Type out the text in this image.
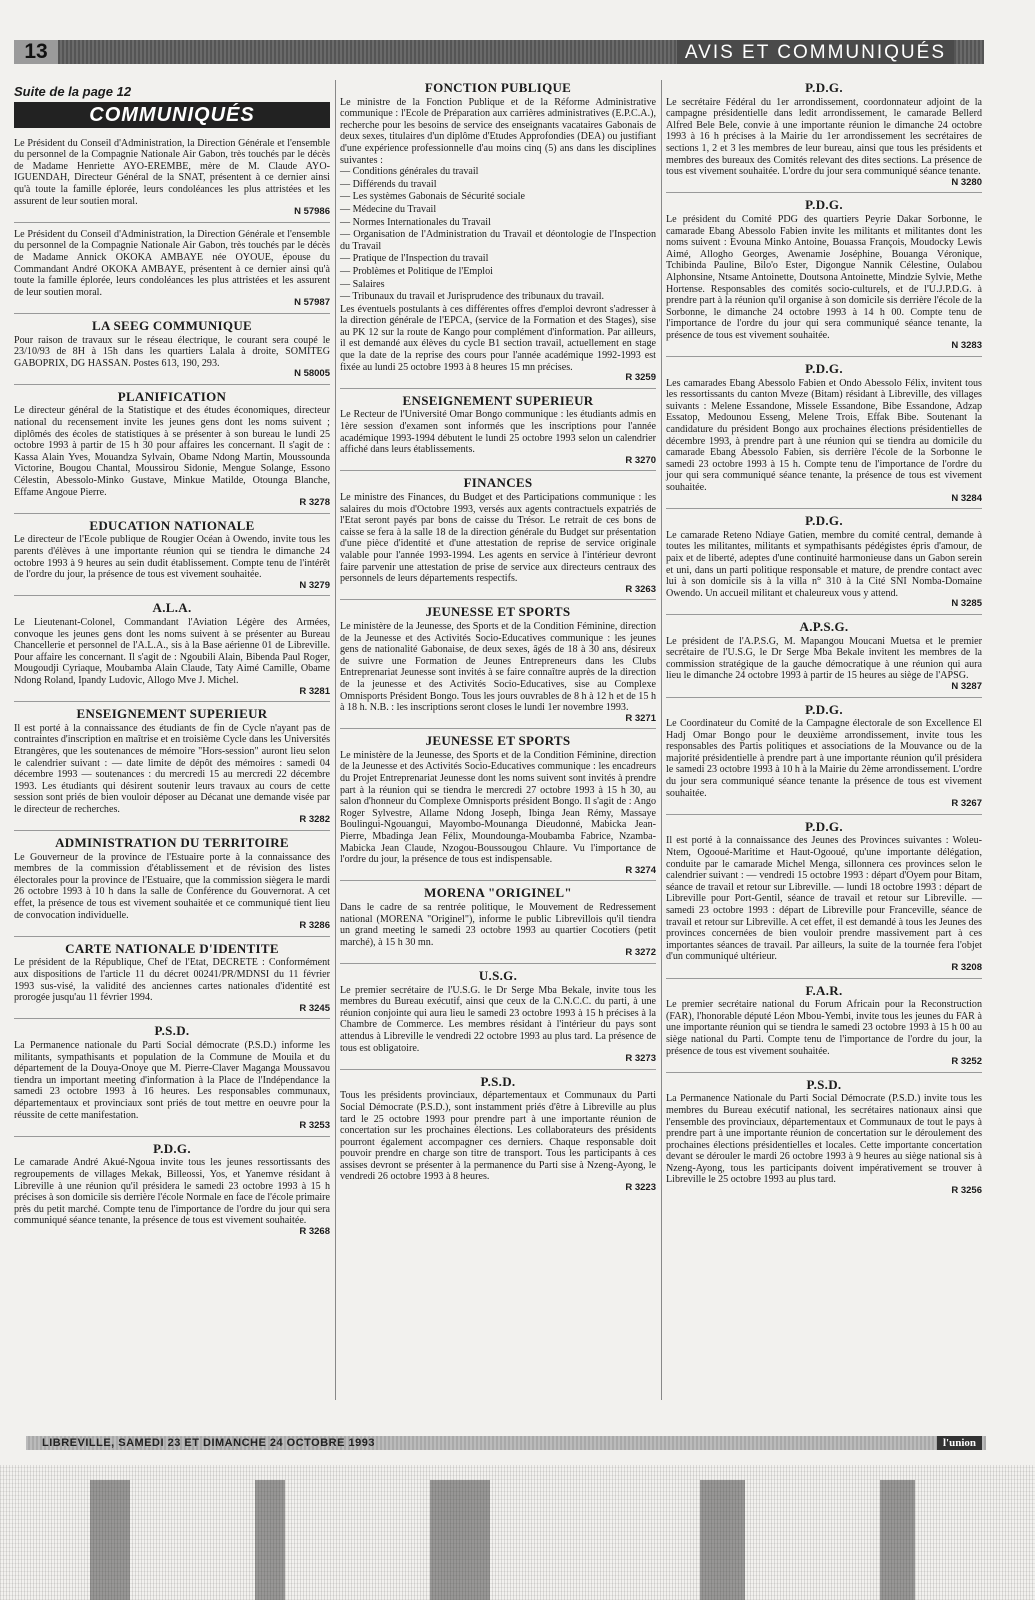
13	AVIS ET COMMUNIQUÉS
Suite de la page 12
COMMUNIQUÉS
Le Président du Conseil d'Administration, la Direction Générale et l'ensemble du personnel de la Compagnie Nationale Air Gabon, très touchés par le décès de Madame Henriette AYO-EREMBE, mère de M. Claude AYO-IGUENDAH, Directeur Général de la SNAT, présentent à ce dernier ainsi qu'à toute la famille éplorée, leurs condoléances les plus attristées et les assurent de leur soutien moral.
N 57986
Le Président du Conseil d'Administration, la Direction Générale et l'ensemble du personnel de la Compagnie Nationale Air Gabon, très touchés par le décès de Madame Annick OKOKA AMBAYE née OYOUE, épouse du Commandant André OKOKA AMBAYE, présentent à ce dernier ainsi qu'à toute la famille éplorée, leurs condoléances les plus attristées et les assurent de leur soutien moral.
N 57987
LA SEEG COMMUNIQUE
Pour raison de travaux sur le réseau électrique, le courant sera coupé le 23/10/93 de 8H à 15h dans les quartiers Lalala à droite, SOMITEG GABOPRIX, DG HASSAN. Postes 613, 190, 293.
N 58005
PLANIFICATION
Le directeur général de la Statistique et des études économiques, directeur national du recensement invite les jeunes gens dont les noms suivent ; diplômés des écoles de statistiques à se présenter à son bureau le lundi 25 octobre 1993 à partir de 15 h 30 pour affaires les concernant. Il s'agit de : Kassa Alain Yves, Mouandza Sylvain, Obame Ndong Martin, Moussounda Victorine, Bougou Chantal, Moussirou Sidonie, Mengue Solange, Essono Célestin, Abessolo-Minko Gustave, Minkue Matilde, Otounga Blanche, Effame Angoue Pierre.
R 3278
EDUCATION NATIONALE
Le directeur de l'Ecole publique de Rougier Océan à Owendo, invite tous les parents d'élèves à une importante réunion qui se tiendra le dimanche 24 octobre 1993 à 9 heures au sein dudit établissement. Compte tenu de l'intérêt de l'ordre du jour, la présence de tous est vivement souhaitée.
N 3279
A.L.A.
Le Lieutenant-Colonel, Commandant l'Aviation Légère des Armées, convoque les jeunes gens dont les noms suivent à se présenter au Bureau Chancellerie et personnel de l'A.L.A., sis à la Base aérienne 01 de Libreville. Pour affaire les concernant. Il s'agit de : Ngoubili Alain, Bibenda Paul Roger, Mougoudji Cyriaque, Moubamba Alain Claude, Taty Aimé Camille, Obame Ndong Roland, Ipandy Ludovic, Allogo Mve J. Michel.
R 3281
ENSEIGNEMENT SUPERIEUR
Il est porté à la connaissance des étudiants de fin de Cycle n'ayant pas de contraintes d'inscription en maîtrise et en troisième Cycle dans les Universités Etrangères, que les soutenances de mémoire "Hors-session" auront lieu selon le calendrier suivant : — date limite de dépôt des mémoires : samedi 04 décembre 1993 — soutenances : du mercredi 15 au mercredi 22 décembre 1993. Les étudiants qui désirent soutenir leurs travaux au cours de cette session sont priés de bien vouloir déposer au Décanat une demande visée par le directeur de recherches.
R 3282
ADMINISTRATION DU TERRITOIRE
Le Gouverneur de la province de l'Estuaire porte à la connaissance des membres de la commission d'établissement et de révision des listes électorales pour la province de l'Estuaire, que la commission siègera le mardi 26 octobre 1993 à 10 h dans la salle de Conférence du Gouvernorat. A cet effet, la présence de tous est vivement souhaitée et ce communiqué tient lieu de convocation individuelle.
R 3286
CARTE NATIONALE D'IDENTITE
Le président de la République, Chef de l'Etat, DECRETE : Conformément aux dispositions de l'article 11 du décret 00241/PR/MDNSI du 11 février 1993 sus-visé, la validité des anciennes cartes nationales d'identité est prorogée jusqu'au 11 février 1994.
R 3245
P.S.D.
La Permanence nationale du Parti Social démocrate (P.S.D.) informe les militants, sympathisants et population de la Commune de Mouila et du département de la Douya-Onoye que M. Pierre-Claver Maganga Moussavou tiendra un important meeting d'information à la Place de l'Indépendance la samedi 23 octobre 1993 à 16 heures. Les responsables communaux, départementaux et provinciaux sont priés de tout mettre en oeuvre pour la réussite de cette manifestation.
R 3253
P.D.G.
Le camarade André Akué-Ngoua invite tous les jeunes ressortissants des regroupements de villages Mekak, Billeossi, Yos, et Yanemve résidant à Libreville à une réunion qu'il présidera le samedi 23 octobre 1993 à 15 h précises à son domicile sis derrière l'école Normale en face de l'école primaire près du petit marché. Compte tenu de l'importance de l'ordre du jour qui sera communiqué séance tenante, la présence de tous est vivement souhaitée.
R 3268
FONCTION PUBLIQUE
Le ministre de la Fonction Publique et de la Réforme Administrative communique : l'Ecole de Préparation aux carrières administratives (E.P.C.A.), recherche pour les besoins de service des enseignants vacataires Gabonais de deux sexes, titulaires d'un diplôme d'Etudes Approfondies (DEA) ou justifiant d'une expérience professionnelle d'au moins cinq (5) ans dans les disciplines suivantes :
— Conditions générales du travail
— Différends du travail
— Les systèmes Gabonais de Sécurité sociale
— Médecine du Travail
— Normes Internationales du Travail
— Organisation de l'Administration du Travail et déontologie de l'Inspection du Travail
— Pratique de l'Inspection du travail
— Problèmes et Politique de l'Emploi
— Salaires
— Tribunaux du travail et Jurisprudence des tribunaux du travail.
Les éventuels postulants à ces différentes offres d'emploi devront s'adresser à la direction générale de l'EPCA, (service de la Formation et des Stages), sise au PK 12 sur la route de Kango pour complément d'information. Par ailleurs, il est demandé aux élèves du cycle B1 section travail, actuellement en stage que la date de la reprise des cours pour l'année académique 1992-1993 est fixée au lundi 25 octobre 1993 à 8 heures 15 mn précises.
R 3259
ENSEIGNEMENT SUPERIEUR
Le Recteur de l'Université Omar Bongo communique : les étudiants admis en 1ère session d'examen sont informés que les inscriptions pour l'année académique 1993-1994 débutent le lundi 25 octobre 1993 selon un calendrier affiché dans leurs établissements.
R 3270
FINANCES
Le ministre des Finances, du Budget et des Participations communique : les salaires du mois d'Octobre 1993, versés aux agents contractuels expatriés de l'Etat seront payés par bons de caisse du Trésor. Le retrait de ces bons de caisse se fera à la salle 18 de la direction générale du Budget sur présentation d'une pièce d'identité et d'une attestation de reprise de service originale valable pour l'année 1993-1994. Les agents en service à l'intérieur devront faire parvenir une attestation de prise de service aux directeurs centraux des personnels de leurs départements respectifs.
R 3263
JEUNESSE ET SPORTS
Le ministère de la Jeunesse, des Sports et de la Condition Féminine, direction de la Jeunesse et des Activités Socio-Educatives communique : les jeunes gens de nationalité Gabonaise, de deux sexes, âgés de 18 à 30 ans, désireux de suivre une Formation de Jeunes Entrepreneurs dans les Clubs Entreprenariat Jeunesse sont invités à se faire connaître auprès de la direction de la jeunesse et des Activités Socio-Educatives, sise au Complexe Omnisports Président Bongo. Tous les jours ouvrables de 8 h à 12 h et de 15 h à 18 h. N.B. : les inscriptions seront closes le lundi 1er novembre 1993.
R 3271
JEUNESSE ET SPORTS
Le ministère de la Jeunesse, des Sports et de la Condition Féminine, direction de la Jeunesse et des Activités Socio-Educatives communique : les encadreurs du Projet Entreprenariat Jeunesse dont les noms suivent sont invités à prendre part à la réunion qui se tiendra le mercredi 27 octobre 1993 à 15 h 30, au salon d'honneur du Complexe Omnisports président Bongo. Il s'agit de : Ango Roger Sylvestre, Allame Ndong Joseph, Ibinga Jean Rémy, Massaye Boulingui-Ngouangui, Mayombo-Mounanga Dieudonné, Mabicka Jean-Pierre, Mbadinga Jean Félix, Moundounga-Moubamba Fabrice, Nzamba-Mabicka Jean Claude, Nzogou-Boussougou Chlaure. Vu l'importance de l'ordre du jour, la présence de tous est indispensable.
R 3274
MORENA "ORIGINEL"
Dans le cadre de sa rentrée politique, le Mouvement de Redressement national (MORENA "Originel"), informe le public Librevillois qu'il tiendra un grand meeting le samedi 23 octobre 1993 au quartier Cocotiers (petit marché), à 15 h 30 mn.
R 3272
U.S.G.
Le premier secrétaire de l'U.S.G. le Dr Serge Mba Bekale, invite tous les membres du Bureau exécutif, ainsi que ceux de la C.N.C.C. du parti, à une réunion conjointe qui aura lieu le samedi 23 octobre 1993 à 15 h précises à la Chambre de Commerce. Les membres résidant à l'intérieur du pays sont attendus à Libreville le vendredi 22 octobre 1993 au plus tard. La présence de tous est obligatoire.
R 3273
P.S.D.
Tous les présidents provinciaux, départementaux et Communaux du Parti Social Démocrate (P.S.D.), sont instamment priés d'être à Libreville au plus tard le 25 octobre 1993 pour prendre part à une importante réunion de concertation sur les prochaines élections. Les collaborateurs des présidents pourront également accompagner ces derniers. Chaque responsable doit pouvoir prendre en charge son titre de transport. Tous les participants à ces assises devront se présenter à la permanence du Parti sise à Nzeng-Ayong, le vendredi 26 octobre 1993 à 8 heures.
R 3223
P.D.G.
Le secrétaire Fédéral du 1er arrondissement, coordonnateur adjoint de la campagne présidentielle dans ledit arrondissement, le camarade Bellerd Alfred Bele Bele, convie à une importante réunion le dimanche 24 octobre 1993 à 16 h précises à la Mairie du 1er arrondissement les secrétaires de sections 1, 2 et 3 les membres de leur bureau, ainsi que tous les présidents et membres des bureaux des Comités relevant des dites sections. La présence de tous est vivement souhaitée. L'ordre du jour sera communiqué séance tenante.
N 3280
P.D.G.
Le président du Comité PDG des quartiers Peyrie Dakar Sorbonne, le camarade Ebang Abessolo Fabien invite les militants et militantes dont les noms suivent : Evouna Minko Antoine, Bouassa François, Moudocky Lewis Aimé, Allogho Georges, Awenamie Joséphine, Bouanga Véronique, Tchibinda Pauline, Bilo'o Ester, Digongue Nannik Célestine, Oulabou Alphonsine, Ntsame Antoinette, Doutsona Antoinette, Mindzie Sylvie, Methe Hortense. Responsables des comités socio-culturels, et de l'U.J.P.D.G. à prendre part à la réunion qu'il organise à son domicile sis derrière l'école de la Sorbonne, le dimanche 24 octobre 1993 à 14 h 00. Compte tenu de l'importance de l'ordre du jour qui sera communiqué séance tenante, la présence de tous est vivement souhaitée.
N 3283
P.D.G.
Les camarades Ebang Abessolo Fabien et Ondo Abessolo Félix, invitent tous les ressortissants du canton Mveze (Bitam) résidant à Libreville, des villages suivants : Melene Essandone, Missele Essandone, Bibe Essandone, Adzap Essatop, Medounou Esseng, Melene Trois, Effak Bibe. Soutenant la candidature du président Bongo aux prochaines élections présidentielles de décembre 1993, à prendre part à une réunion qui se tiendra au domicile du camarade Ebang Abessolo Fabien, sis derrière l'école de la Sorbonne le samedi 23 octobre 1993 à 15 h. Compte tenu de l'importance de l'ordre du jour qui sera communiqué séance tenante, la présence de tous est vivement souhaitée.
N 3284
P.D.G.
Le camarade Reteno Ndiaye Gatien, membre du comité central, demande à toutes les militantes, militants et sympathisants pédégistes épris d'amour, de paix et de liberté, adeptes d'une continuité harmonieuse dans un Gabon serein et uni, dans un parti politique responsable et mature, de prendre contact avec lui à son domicile sis à la villa n° 310 à la Cité SNI Nomba-Domaine Owendo. Un accueil militant et chaleureux vous y attend.
N 3285
A.P.S.G.
Le président de l'A.P.S.G, M. Mapangou Moucani Muetsa et le premier secrétaire de l'U.S.G, le Dr Serge Mba Bekale invitent les membres de la commission stratégique de la gauche démocratique à une réunion qui aura lieu le dimanche 24 octobre 1993 à partir de 15 heures au siège de l'APSG.
N 3287
P.D.G.
Le Coordinateur du Comité de la Campagne électorale de son Excellence El Hadj Omar Bongo pour le deuxième arrondissement, invite tous les responsables des Partis politiques et associations de la Mouvance ou de la majorité présidentielle à prendre part à une importante réunion qu'il présidera le samedi 23 octobre 1993 à 10 h à la Mairie du 2ème arrondissement. L'ordre du jour sera communiqué séance tenante la présence de tous est vivement souhaitée.
R 3267
P.D.G.
Il est porté à la connaissance des Jeunes des Provinces suivantes : Woleu-Ntem, Ogooué-Maritime et Haut-Ogooué, qu'une importante délégation, conduite par le camarade Michel Menga, sillonnera ces provinces selon le calendrier suivant : — vendredi 15 octobre 1993 : départ d'Oyem pour Bitam, séance de travail et retour sur Libreville. — lundi 18 octobre 1993 : départ de Libreville pour Port-Gentil, séance de travail et retour sur Libreville. — samedi 23 octobre 1993 : départ de Libreville pour Franceville, séance de travail et retour sur Libreville. A cet effet, il est demandé à tous les Jeunes des provinces concernées de bien vouloir prendre massivement part à ces importantes séances de travail. Par ailleurs, la suite de la tournée fera l'objet d'un communiqué ultérieur.
R 3208
F.A.R.
Le premier secrétaire national du Forum Africain pour la Reconstruction (FAR), l'honorable député Léon Mbou-Yembi, invite tous les jeunes du FAR à une importante réunion qui se tiendra le samedi 23 octobre 1993 à 15 h 00 au siège national du Parti. Compte tenu de l'importance de l'ordre du jour, la présence de tous est vivement souhaitée.
R 3252
P.S.D.
La Permanence Nationale du Parti Social Démocrate (P.S.D.) invite tous les membres du Bureau exécutif national, les secrétaires nationaux ainsi que l'ensemble des provinciaux, départementaux et Communaux de tout le pays à prendre part à une importante réunion de concertation sur le déroulement des prochaines élections présidentielles et locales. Cette importante concertation devant se dérouler le mardi 26 octobre 1993 à 9 heures au siège national sis à Nzeng-Ayong, tous les participants doivent impérativement se trouver à Libreville le 25 octobre 1993 au plus tard.
R 3256
LIBREVILLE, SAMEDI 23 ET DIMANCHE 24 OCTOBRE 1993	l'union
